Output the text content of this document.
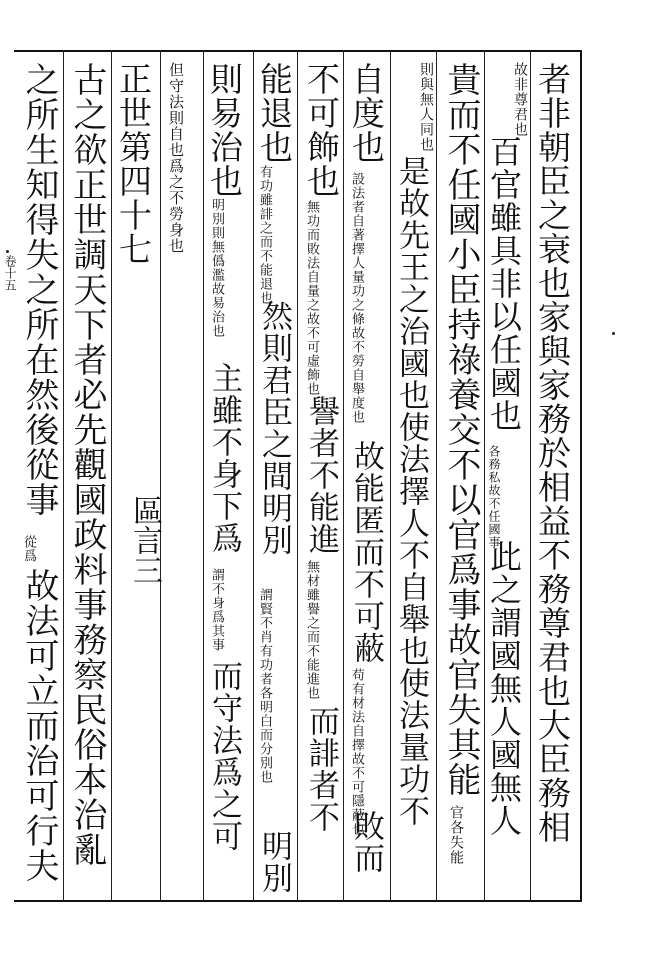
者非朝臣之衰也家與家務於相益不務尊君也大臣務相
故非尊君也
百官雖具非以任國也
各務私故不任國事
此之謂國無人國無人
貴而不任國小臣持祿養交不以官爲事故官失其能
官各失能
則與無人同也
是故先王之治國也使法擇人不自舉也使法量功不
自度也
設法者自著擇人量功之條故不勞自舉度也
故能匿而不可蔽
苟有材法自擇故不可隱蔽也
敗而
不可飾也
無功而敗法自量之故不可虛飾也
譽者不能進
無材雖譽之而不能進也
而誹者不
能退也
有功雖誹之而不能退也
然則君臣之間明別
謂賢不肖有功者各明白而分別也
明別
則易治也
明別則無僞濫故易治也
主雖不身下爲
謂不身爲其事
而守法爲之可
但守法則自也爲之不勞身也
正世第四十七
區言三
古之欲正世調天下者必先觀國政料事務察民俗本治亂
之所生知得失之所在然後從事
從爲
故法可立而治可行夫
卷十五
